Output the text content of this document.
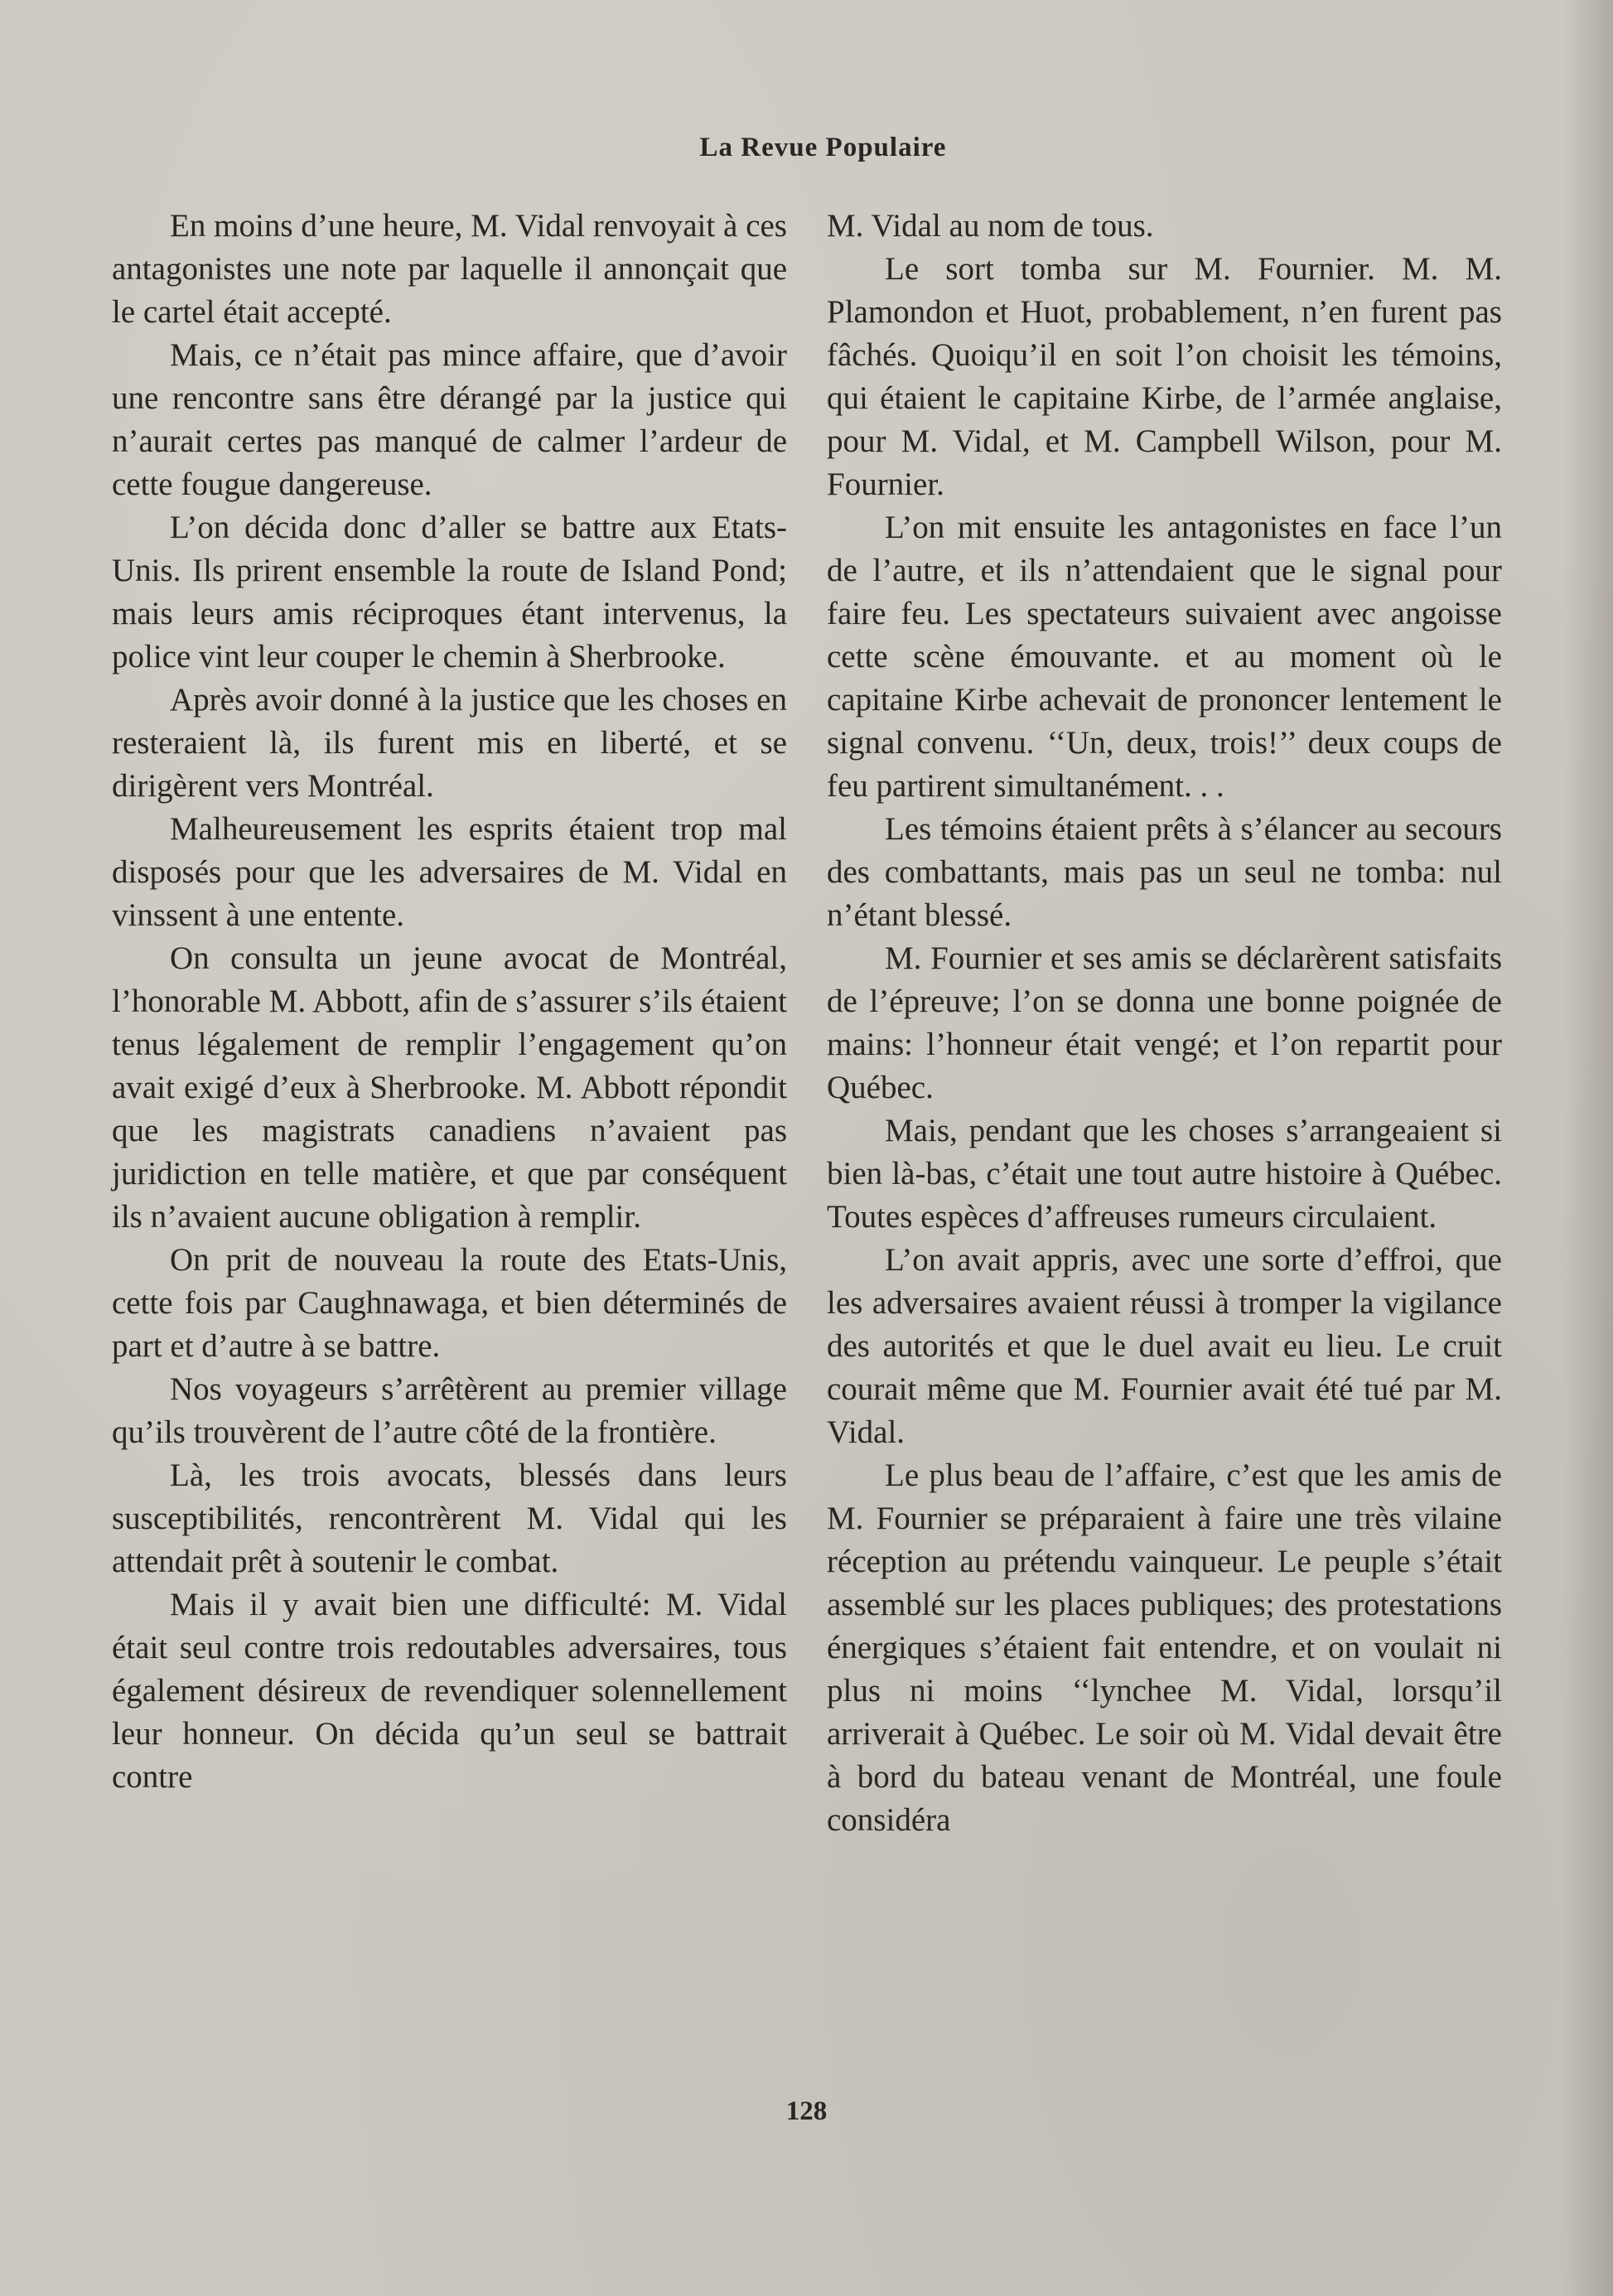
La Revue Populaire

En moins d’une heure, M. Vidal renvoyait à ces antagonistes une note par laquelle il annonçait que le cartel était accepté.

Mais, ce n’était pas mince affaire, que d’avoir une rencontre sans être dérangé par la justice qui n’aurait certes pas manqué de calmer l’ardeur de cette fougue dangereuse.

L’on décida donc d’aller se battre aux Etats-Unis. Ils prirent ensemble la route de Island Pond; mais leurs amis réciproques étant intervenus, la police vint leur couper le chemin à Sherbrooke.

Après avoir donné à la justice que les choses en resteraient là, ils furent mis en liberté, et se dirigèrent vers Montréal.

Malheureusement les esprits étaient trop mal disposés pour que les adversaires de M. Vidal en vinssent à une entente.

On consulta un jeune avocat de Montréal, l’honorable M. Abbott, afin de s’assurer s’ils étaient tenus légalement de remplir l’engagement qu’on avait exigé d’eux à Sherbrooke. M. Abbott répondit que les magistrats canadiens n’avaient pas juridiction en telle matière, et que par conséquent ils n’avaient aucune obligation à remplir.

On prit de nouveau la route des Etats-Unis, cette fois par Caughnawaga, et bien déterminés de part et d’autre à se battre.

Nos voyageurs s’arrêtèrent au premier village qu’ils trouvèrent de l’autre côté de la frontière.

Là, les trois avocats, blessés dans leurs susceptibilités, rencontrèrent M. Vidal qui les attendait prêt à soutenir le combat.

Mais il y avait bien une difficulté: M. Vidal était seul contre trois redoutables adversaires, tous également désireux de revendiquer solennellement leur honneur. On décida qu’un seul se battrait contre

M. Vidal au nom de tous.

Le sort tomba sur M. Fournier. M. M. Plamondon et Huot, probablement, n’en furent pas fâchés. Quoiqu’il en soit l’on choisit les témoins, qui étaient le capitaine Kirbe, de l’armée anglaise, pour M. Vidal, et M. Campbell Wilson, pour M. Fournier.

L’on mit ensuite les antagonistes en face l’un de l’autre, et ils n’attendaient que le signal pour faire feu. Les spectateurs suivaient avec angoisse cette scène émouvante. et au moment où le capitaine Kirbe achevait de prononcer lentement le signal convenu. ‘‘Un, deux, trois!’’ deux coups de feu partirent simultanément. . .

Les témoins étaient prêts à s’élancer au secours des combattants, mais pas un seul ne tomba: nul n’étant blessé.

M. Fournier et ses amis se déclarèrent satisfaits de l’épreuve; l’on se donna une bonne poignée de mains: l’honneur était vengé; et l’on repartit pour Québec.

Mais, pendant que les choses s’arrangeaient si bien là-bas, c’était une tout autre histoire à Québec. Toutes espèces d’affreuses rumeurs circulaient.

L’on avait appris, avec une sorte d’effroi, que les adversaires avaient réussi à tromper la vigilance des autorités et que le duel avait eu lieu. Le cruit courait même que M. Fournier avait été tué par M. Vidal.

Le plus beau de l’affaire, c’est que les amis de M. Fournier se préparaient à faire une très vilaine réception au prétendu vainqueur. Le peuple s’était assemblé sur les places publiques; des protestations énergiques s’étaient fait entendre, et on voulait ni plus ni moins ‘‘lynchee M. Vidal, lorsqu’il arriverait à Québec. Le soir où M. Vidal devait être à bord du bateau venant de Montréal, une foule considéra

128
